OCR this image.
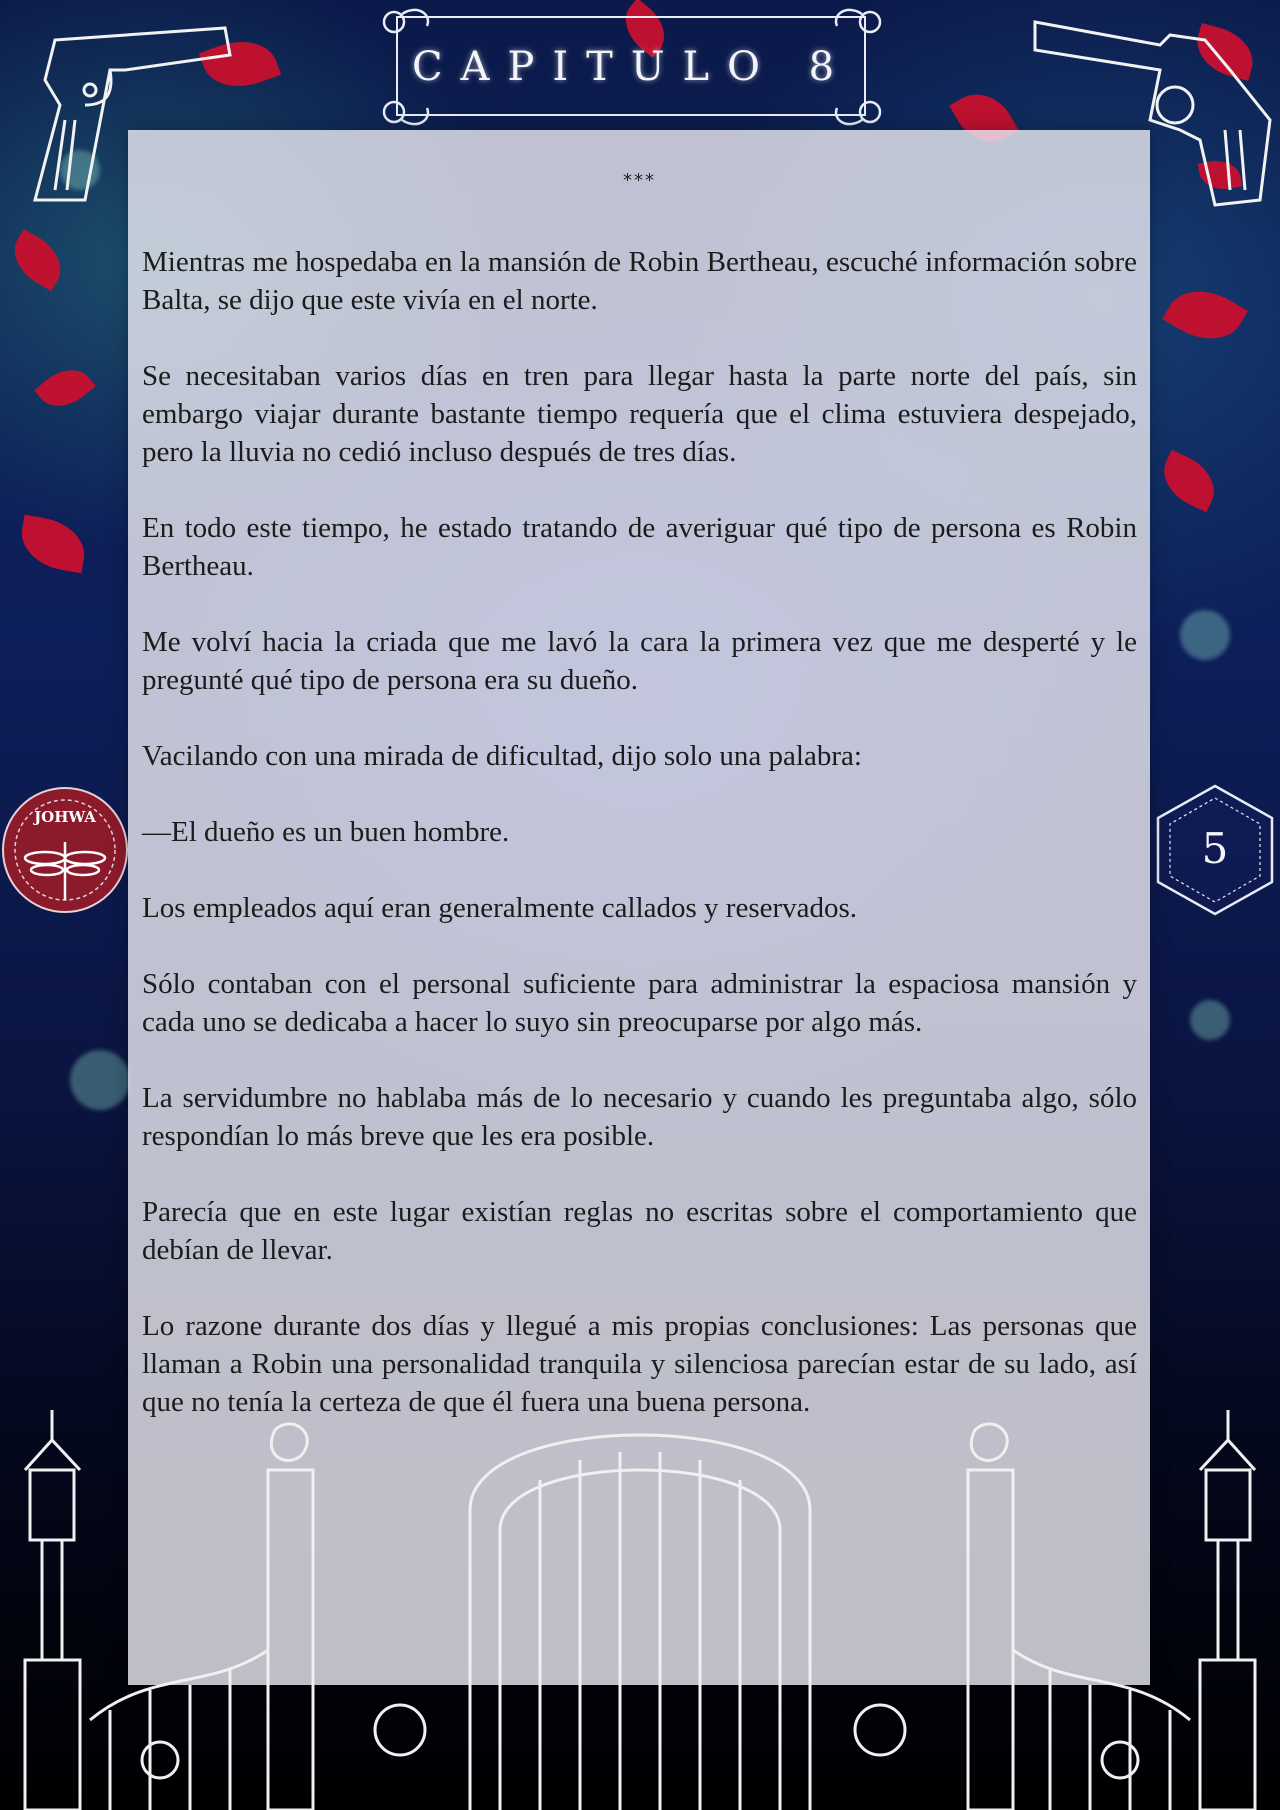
CAPITULO 8
JOHWA
5
***

Mientras me hospedaba en la mansión de Robin Bertheau, escuché información sobre Balta, se dijo que este vivía en el norte.

Se necesitaban varios días en tren para llegar hasta la parte norte del país, sin embargo viajar durante bastante tiempo requería que el clima estuviera despejado, pero la lluvia no cedió incluso después de tres días.

En todo este tiempo, he estado tratando de averiguar qué tipo de persona es Robin Bertheau.

Me volví hacia la criada que me lavó la cara la primera vez que me desperté y le pregunté qué tipo de persona era su dueño.

Vacilando con una mirada de dificultad, dijo solo una palabra:

—El dueño es un buen hombre.

Los empleados aquí eran generalmente callados y reservados.

Sólo contaban con el personal suficiente para administrar la espaciosa mansión y cada uno se dedicaba a hacer lo suyo sin preocuparse por algo más.

La servidumbre no hablaba más de lo necesario y cuando les preguntaba algo, sólo respondían lo más breve que les era posible.

Parecía que en este lugar existían reglas no escritas sobre el comportamiento que debían de llevar.

Lo razone durante dos días y llegué a mis propias conclusiones: Las personas que llaman a Robin una personalidad tranquila y silenciosa parecían estar de su lado, así que no tenía la certeza de que él fuera una buena persona.
